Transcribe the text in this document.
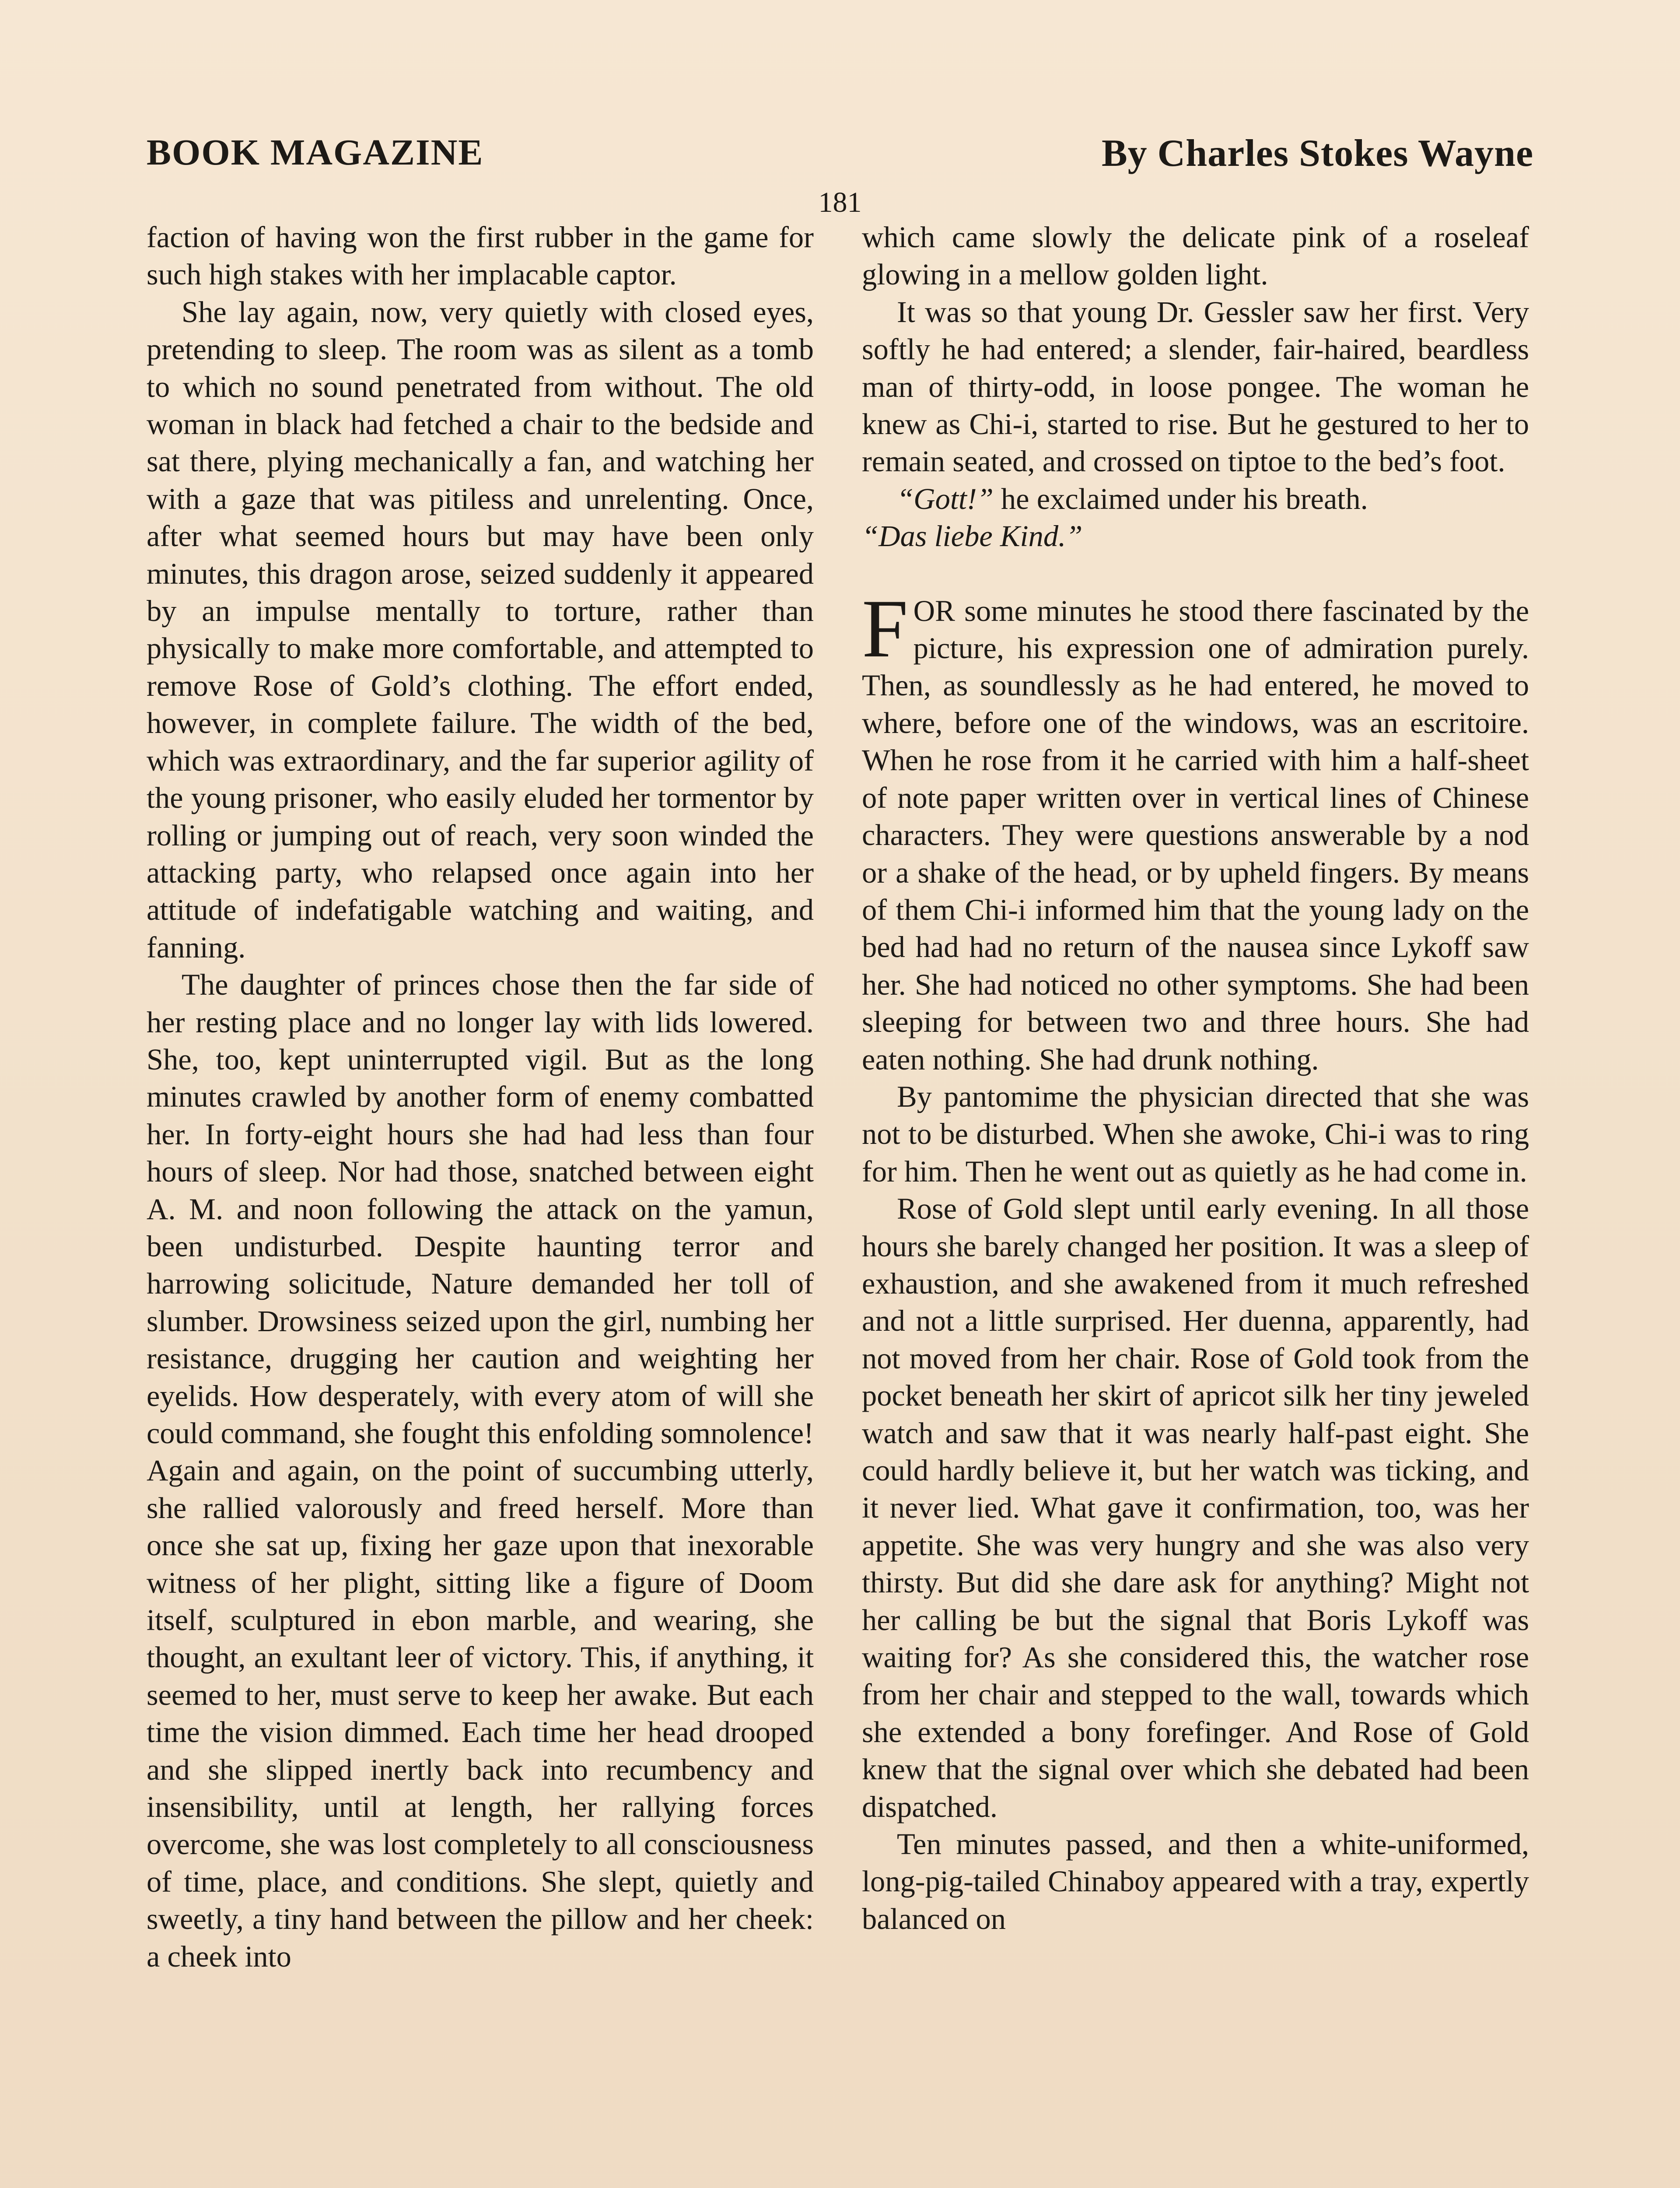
BOOK MAGAZINE	By Charles Stokes Wayne
181

faction of having won the first rubber in the game for such high stakes with her implacable captor.

She lay again, now, very quietly with closed eyes, pretending to sleep. The room was as silent as a tomb to which no sound penetrated from without. The old woman in black had fetched a chair to the bedside and sat there, plying mechanically a fan, and watching her with a gaze that was pitiless and unrelenting. Once, after what seemed hours but may have been only minutes, this dragon arose, seized suddenly it appeared by an impulse mentally to torture, rather than physically to make more comfortable, and attempted to remove Rose of Gold’s clothing. The effort ended, however, in complete failure. The width of the bed, which was extraordinary, and the far superior agility of the young prisoner, who easily eluded her tormentor by rolling or jumping out of reach, very soon winded the attacking party, who relapsed once again into her attitude of indefatigable watching and waiting, and fanning.

The daughter of princes chose then the far side of her resting place and no longer lay with lids lowered. She, too, kept uninterrupted vigil. But as the long minutes crawled by another form of enemy combatted her. In forty-eight hours she had had less than four hours of sleep. Nor had those, snatched between eight A. M. and noon following the attack on the yamun, been undisturbed. Despite haunting terror and harrowing solicitude, Nature demanded her toll of slumber. Drowsiness seized upon the girl, numbing her resistance, drugging her caution and weighting her eyelids. How desperately, with every atom of will she could command, she fought this enfolding somnolence! Again and again, on the point of succumbing utterly, she rallied valorously and freed herself. More than once she sat up, fixing her gaze upon that inexorable witness of her plight, sitting like a figure of Doom itself, sculptured in ebon marble, and wearing, she thought, an exultant leer of victory. This, if anything, it seemed to her, must serve to keep her awake. But each time the vision dimmed. Each time her head drooped and she slipped inertly back into recumbency and insensibility, until at length, her rallying forces overcome, she was lost completely to all consciousness of time, place, and conditions. She slept, quietly and sweetly, a tiny hand between the pillow and her cheek: a cheek into

which came slowly the delicate pink of a roseleaf glowing in a mellow golden light.

It was so that young Dr. Gessler saw her first. Very softly he had entered; a slender, fair-haired, beardless man of thirty-odd, in loose pongee. The woman he knew as Chi-i, started to rise. But he gestured to her to remain seated, and crossed on tiptoe to the bed’s foot.

“Gott!” he exclaimed under his breath.
“Das liebe Kind.”

FOR some minutes he stood there fascinated by the picture, his expression one of admiration purely. Then, as soundlessly as he had entered, he moved to where, before one of the windows, was an escritoire. When he rose from it he carried with him a half-sheet of note paper written over in vertical lines of Chinese characters. They were questions answerable by a nod or a shake of the head, or by upheld fingers. By means of them Chi-i informed him that the young lady on the bed had had no return of the nausea since Lykoff saw her. She had noticed no other symptoms. She had been sleeping for between two and three hours. She had eaten nothing. She had drunk nothing.

By pantomime the physician directed that she was not to be disturbed. When she awoke, Chi-i was to ring for him. Then he went out as quietly as he had come in.

Rose of Gold slept until early evening. In all those hours she barely changed her position. It was a sleep of exhaustion, and she awakened from it much refreshed and not a little surprised. Her duenna, apparently, had not moved from her chair. Rose of Gold took from the pocket beneath her skirt of apricot silk her tiny jeweled watch and saw that it was nearly half-past eight. She could hardly believe it, but her watch was ticking, and it never lied. What gave it confirmation, too, was her appetite. She was very hungry and she was also very thirsty. But did she dare ask for anything? Might not her calling be but the signal that Boris Lykoff was waiting for? As she considered this, the watcher rose from her chair and stepped to the wall, towards which she extended a bony forefinger. And Rose of Gold knew that the signal over which she debated had been dispatched.

Ten minutes passed, and then a white-uniformed, long-pig-tailed Chinaboy appeared with a tray, expertly balanced on
